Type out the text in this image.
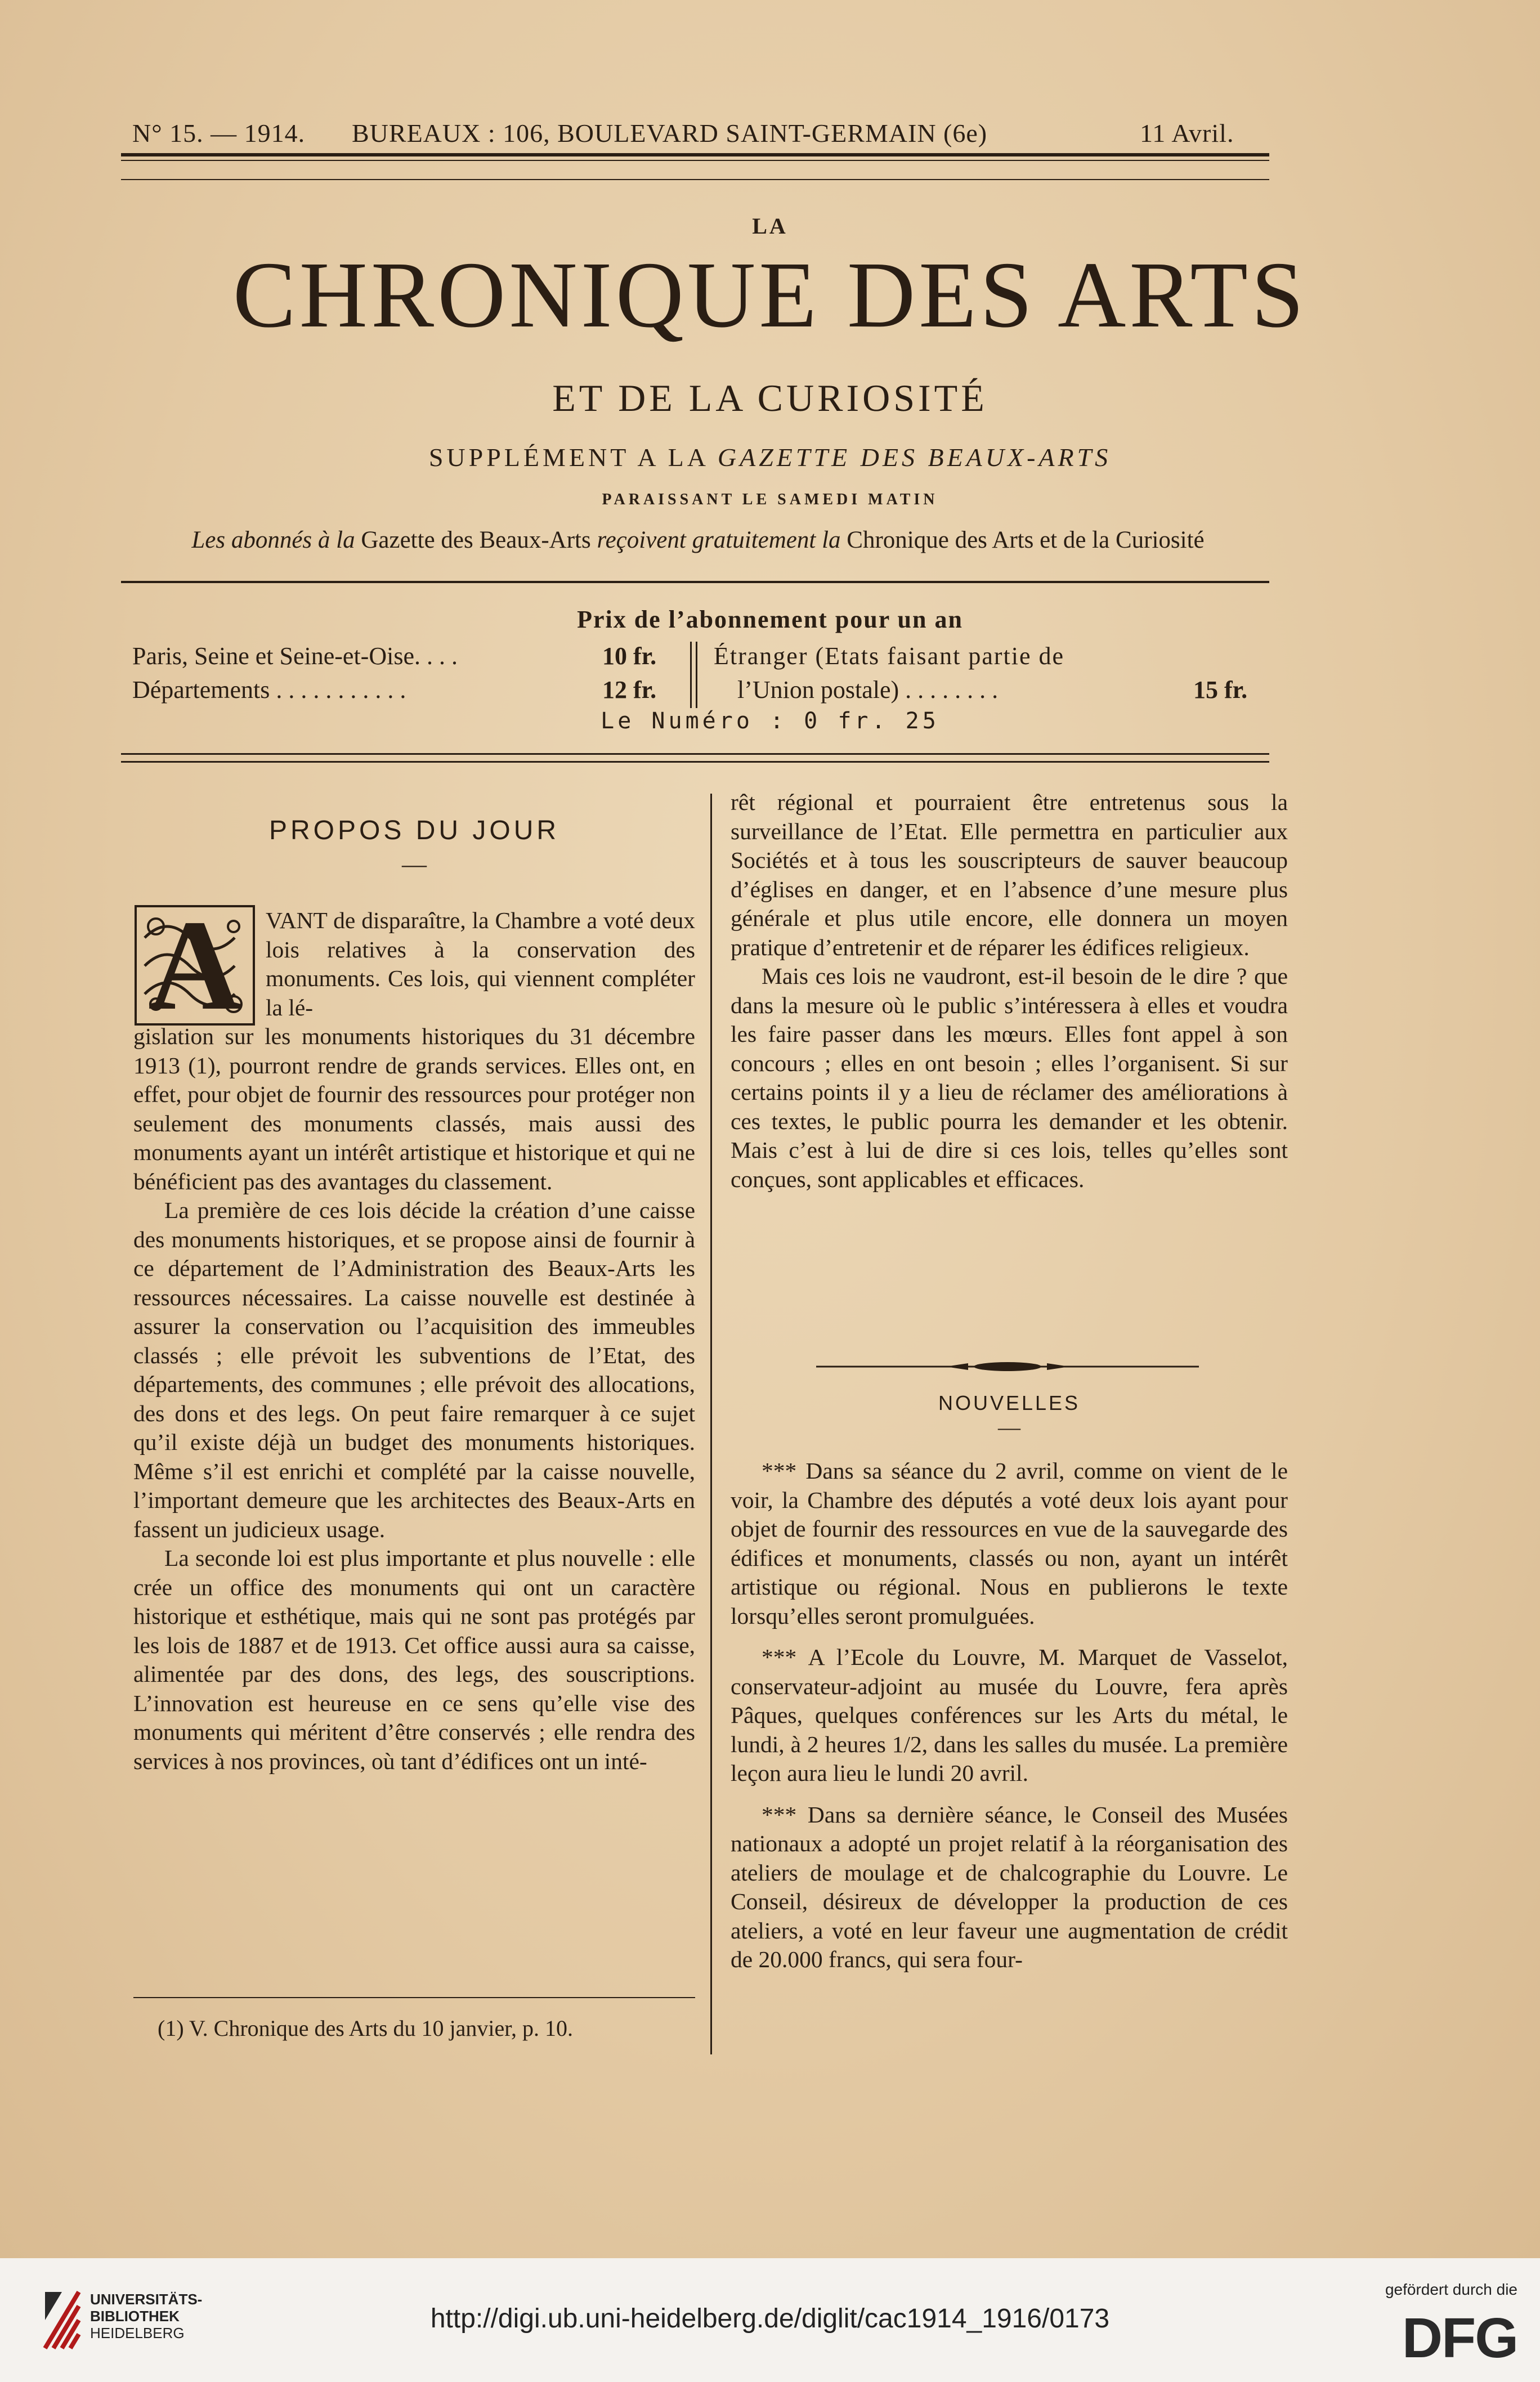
N° 15. — 1914. BUREAUX : 106, BOULEVARD SAINT-GERMAIN (6e)	11 Avril.
LA
CHRONIQUE DES ARTS
ET DE LA CURIOSITÉ
SUPPLÉMENT A LA GAZETTE DES BEAUX-ARTS
PARAISSANT LE SAMEDI MATIN
Les abonnés à la Gazette des Beaux-Arts reçoivent gratuitement la Chronique des Arts et de la Curiosité
Prix de l’abonnement pour un an
Paris, Seine et Seine-et-Oise. . . .	10 fr.
Départements . . . . . . . . . . .	12 fr.
Étranger (Etats faisant partie de
l’Union postale) . . . . . . . .	15 fr.
Le Numéro : 0 fr. 25
PROPOS DU JOUR
—
A	VANT de disparaître, la Chambre a voté deux lois relatives à la conservation des monuments. Ces lois, qui viennent compléter la lé-

gislation sur les monuments historiques du 31 décembre 1913 (1), pourront rendre de grands services. Elles ont, en effet, pour objet de fournir des ressources pour protéger non seulement des monuments classés, mais aussi des monuments ayant un intérêt artistique et historique et qui ne bénéficient pas des avantages du classement.

La première de ces lois décide la création d’une caisse des monuments historiques, et se propose ainsi de fournir à ce département de l’Administration des Beaux-Arts les ressources nécessaires. La caisse nouvelle est destinée à assurer la conservation ou l’acquisition des immeubles classés ; elle prévoit les subventions de l’Etat, des départements, des communes ; elle prévoit des allocations, des dons et des legs. On peut faire remarquer à ce sujet qu’il existe déjà un budget des monuments historiques. Même s’il est enrichi et complété par la caisse nouvelle, l’important demeure que les architectes des Beaux-Arts en fassent un judicieux usage.

La seconde loi est plus importante et plus nouvelle : elle crée un office des monuments qui ont un caractère historique et esthétique, mais qui ne sont pas protégés par les lois de 1887 et de 1913. Cet office aussi aura sa caisse, alimentée par des dons, des legs, des souscriptions. L’innovation est heureuse en ce sens qu’elle vise des monuments qui méritent d’être conservés ; elle rendra des services à nos provinces, où tant d’édifices ont un inté-

(1) V. Chronique des Arts du 10 janvier, p. 10.

rêt régional et pourraient être entretenus sous la surveillance de l’Etat. Elle permettra en particulier aux Sociétés et à tous les souscripteurs de sauver beaucoup d’églises en danger, et en l’absence d’une mesure plus générale et plus utile encore, elle donnera un moyen pratique d’entretenir et de réparer les édifices religieux.

Mais ces lois ne vaudront, est-il besoin de le dire ? que dans la mesure où le public s’intéressera à elles et voudra les faire passer dans les mœurs. Elles font appel à son concours ; elles en ont besoin ; elles l’organisent. Si sur certains points il y a lieu de réclamer des améliorations à ces textes, le public pourra les demander et les obtenir. Mais c’est à lui de dire si ces lois, telles qu’elles sont conçues, sont applicables et efficaces.

NOUVELLES
—

*** Dans sa séance du 2 avril, comme on vient de le voir, la Chambre des députés a voté deux lois ayant pour objet de fournir des ressources en vue de la sauvegarde des édifices et monuments, classés ou non, ayant un intérêt artistique ou régional. Nous en publierons le texte lorsqu’elles seront promulguées.

*** A l’Ecole du Louvre, M. Marquet de Vasselot, conservateur-adjoint au musée du Louvre, fera après Pâques, quelques conférences sur les Arts du métal, le lundi, à 2 heures 1/2, dans les salles du musée. La première leçon aura lieu le lundi 20 avril.

*** Dans sa dernière séance, le Conseil des Musées nationaux a adopté un projet relatif à la réorganisation des ateliers de moulage et de chalcographie du Louvre. Le Conseil, désireux de développer la production de ces ateliers, a voté en leur faveur une augmentation de crédit de 20.000 francs, qui sera four-

UNIVERSITÄTS-
BIBLIOTHEK
HEIDELBERG	http://digi.ub.uni-heidelberg.de/diglit/cac1914_1916/0173
gefördert durch die
DFG
